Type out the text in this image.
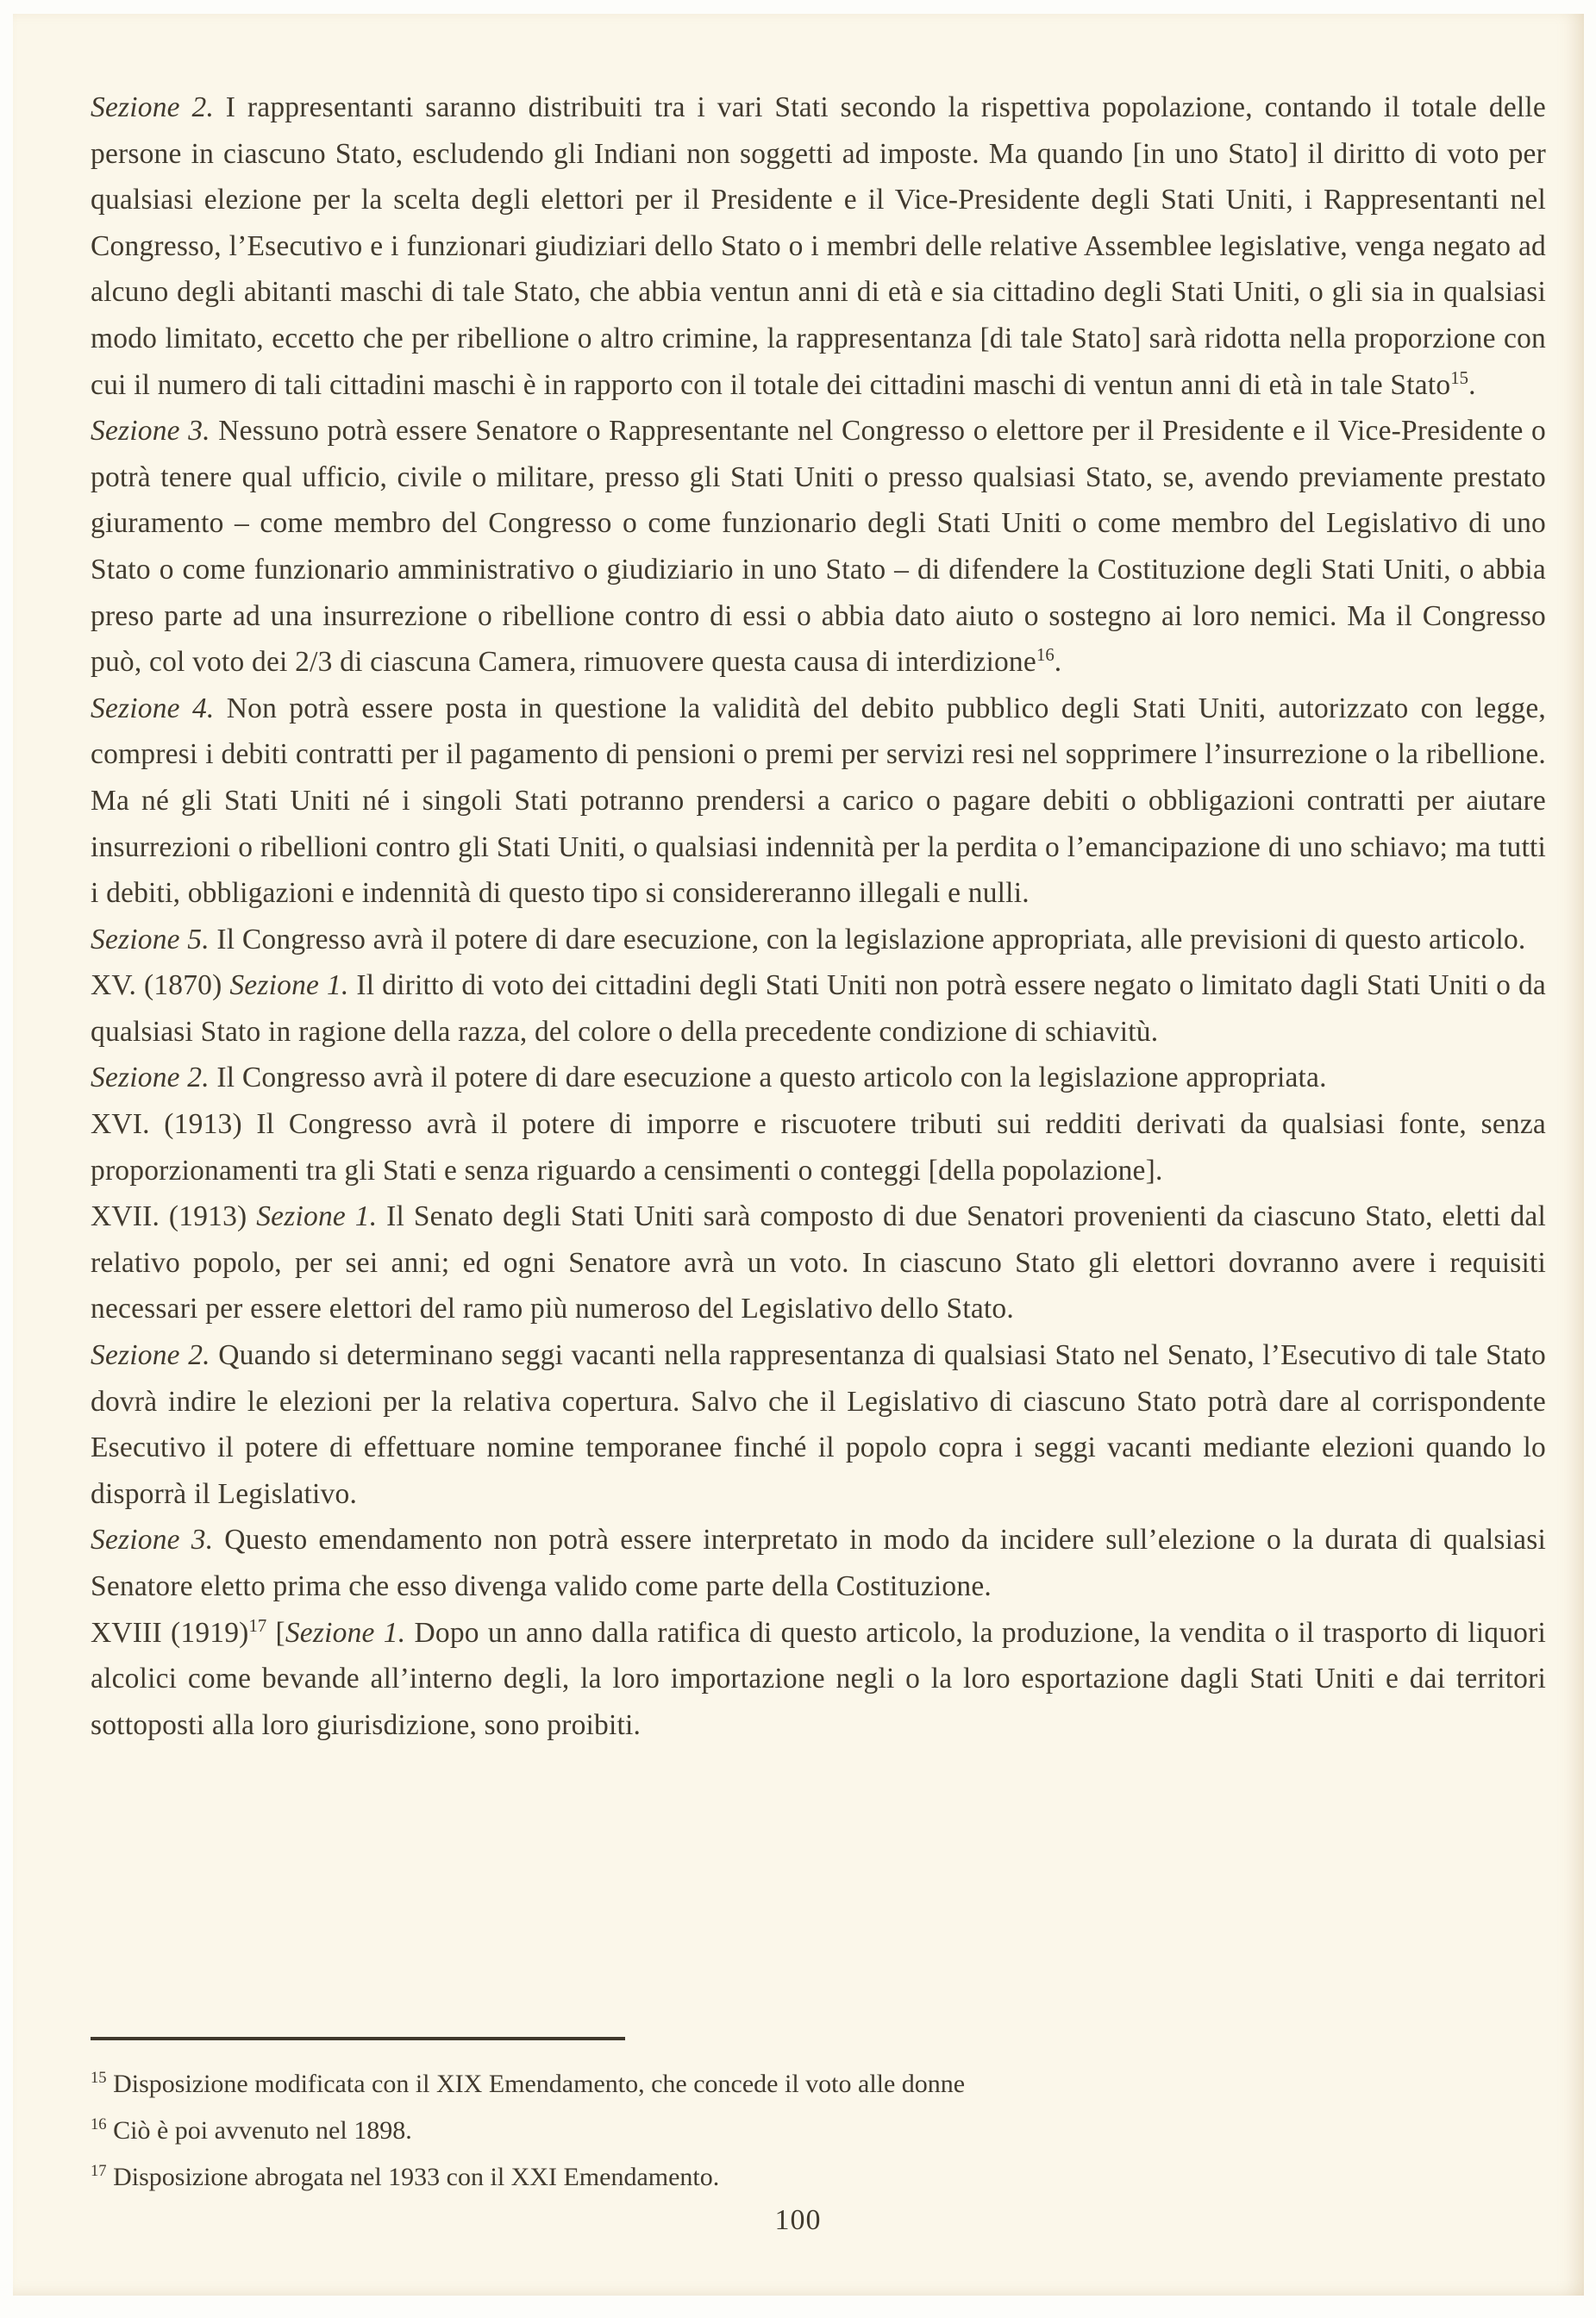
Sezione 2. I rappresentanti saranno distribuiti tra i vari Stati secondo la rispettiva popolazione, contando il totale delle persone in ciascuno Stato, escludendo gli Indiani non soggetti ad imposte. Ma quando [in uno Stato] il diritto di voto per qualsiasi elezione per la scelta degli elettori per il Presidente e il Vice-Presidente degli Stati Uniti, i Rappresentanti nel Congresso, l’Esecutivo e i funzionari giudiziari dello Stato o i membri delle relative Assemblee legislative, venga negato ad alcuno degli abitanti maschi di tale Stato, che abbia ventun anni di età e sia cittadino degli Stati Uniti, o gli sia in qualsiasi modo limitato, eccetto che per ribellione o altro crimine, la rappresentanza [di tale Stato] sarà ridotta nella proporzione con cui il numero di tali cittadini maschi è in rapporto con il totale dei cittadini maschi di ventun anni di età in tale Stato$^{15}$.

Sezione 3. Nessuno potrà essere Senatore o Rappresentante nel Congresso o elettore per il Presidente e il Vice-Presidente o potrà tenere qual ufficio, civile o militare, presso gli Stati Uniti o presso qualsiasi Stato, se, avendo previamente prestato giuramento – come membro del Congresso o come funzionario degli Stati Uniti o come membro del Legislativo di uno Stato o come funzionario amministrativo o giudiziario in uno Stato – di difendere la Costituzione degli Stati Uniti, o abbia preso parte ad una insurrezione o ribellione contro di essi o abbia dato aiuto o sostegno ai loro nemici. Ma il Congresso può, col voto dei 2/3 di ciascuna Camera, rimuovere questa causa di interdizione$^{16}$.

Sezione 4. Non potrà essere posta in questione la validità del debito pubblico degli Stati Uniti, autorizzato con legge, compresi i debiti contratti per il pagamento di pensioni o premi per servizi resi nel sopprimere l’insurrezione o la ribellione. Ma né gli Stati Uniti né i singoli Stati potranno prendersi a carico o pagare debiti o obbligazioni contratti per aiutare insurrezioni o ribellioni contro gli Stati Uniti, o qualsiasi indennità per la perdita o l’emancipazione di uno schiavo; ma tutti i debiti, obbligazioni e indennità di questo tipo si considereranno illegali e nulli.

Sezione 5. Il Congresso avrà il potere di dare esecuzione, con la legislazione appropriata, alle previsioni di questo articolo.

XV. (1870) Sezione 1. Il diritto di voto dei cittadini degli Stati Uniti non potrà essere negato o limitato dagli Stati Uniti o da qualsiasi Stato in ragione della razza, del colore o della precedente condizione di schiavitù.

Sezione 2. Il Congresso avrà il potere di dare esecuzione a questo articolo con la legislazione appropriata.

XVI. (1913) Il Congresso avrà il potere di imporre e riscuotere tributi sui redditi derivati da qualsiasi fonte, senza proporzionamenti tra gli Stati e senza riguardo a censimenti o conteggi [della popolazione].

XVII. (1913) Sezione 1. Il Senato degli Stati Uniti sarà composto di due Senatori provenienti da ciascuno Stato, eletti dal relativo popolo, per sei anni; ed ogni Senatore avrà un voto. In ciascuno Stato gli elettori dovranno avere i requisiti necessari per essere elettori del ramo più numeroso del Legislativo dello Stato.

Sezione 2. Quando si determinano seggi vacanti nella rappresentanza di qualsiasi Stato nel Senato, l’Esecutivo di tale Stato dovrà indire le elezioni per la relativa copertura. Salvo che il Legislativo di ciascuno Stato potrà dare al corrispondente Esecutivo il potere di effettuare nomine temporanee finché il popolo copra i seggi vacanti mediante elezioni quando lo disporrà il Legislativo.

Sezione 3. Questo emendamento non potrà essere interpretato in modo da incidere sull’elezione o la durata di qualsiasi Senatore eletto prima che esso divenga valido come parte della Costituzione.

XVIII $(1919)^{17}$ [Sezione 1. Dopo un anno dalla ratifica di questo articolo, la produzione, la vendita o il trasporto di liquori alcolici come bevande all’interno degli, la loro importazione negli o la loro esportazione dagli Stati Uniti e dai territori sottoposti alla loro giurisdizione, sono proibiti.

$^{15}$ Disposizione modificata con il XIX Emendamento, che concede il voto alle donne
$^{16}$ Ciò è poi avvenuto nel 1898.
$^{17}$ Disposizione abrogata nel 1933 con il XXI Emendamento.
100
